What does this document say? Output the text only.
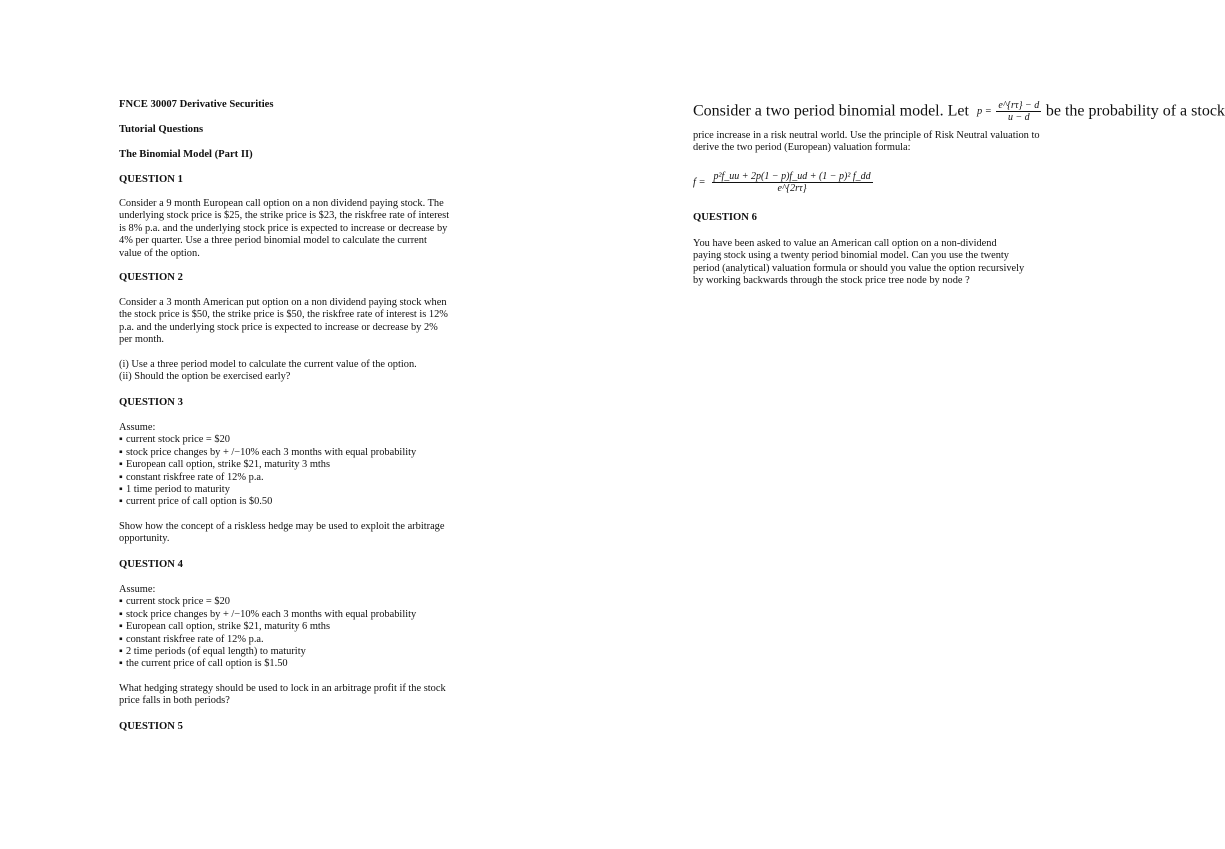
FNCE 30007 Derivative Securities
Tutorial Questions
The Binomial Model (Part II)
QUESTION 1
Consider a 9 month European call option on a non dividend paying stock. The
underlying stock price is $25, the strike price is $23, the riskfree rate of interest
is 8% p.a. and the underlying stock price is expected to increase or decrease by
4% per quarter. Use a three period binomial model to calculate the current
value of the option.
QUESTION 2
Consider a 3 month American put option on a non dividend paying stock when
the stock price is $50, the strike price is $50, the riskfree rate of interest is 12%
p.a. and the underlying stock price is expected to increase or decrease by 2%
per month.
(i) Use a three period model to calculate the current value of the option.
(ii) Should the option be exercised early?
QUESTION 3
Assume:
▪ current stock price = $20
▪ stock price changes by + /−10% each 3 months with equal probability
▪ European call option, strike $21, maturity 3 mths
▪ constant riskfree rate of 12% p.a.
▪ 1 time period to maturity
▪ current price of call option is $0.50
Show how the concept of a riskless hedge may be used to exploit the arbitrage
opportunity.
QUESTION 4
Assume:
▪ current stock price = $20
▪ stock price changes by + /−10% each 3 months with equal probability
▪ European call option, strike $21, maturity 6 mths
▪ constant riskfree rate of 12% p.a.
▪ 2 time periods (of equal length) to maturity
▪ the current price of call option is $1.50
What hedging strategy should be used to lock in an arbitrage profit if the stock
price falls in both periods?
QUESTION 5
Consider a two period binomial model. Let $p = \frac{e\^{}\{r\tau\} - d}{u - d}$ be the probability of a stock
price increase in a risk neutral world. Use the principle of Risk Neutral valuation to
derive the two period (European) valuation formula:
$f = \frac{\text{p²f\_uu + 2p(1 − p)f\_ud + (1 − p)² f\_dd}}{e\^{}\{2r\tau\}}$
QUESTION 6
You have been asked to value an American call option on a non-dividend
paying stock using a twenty period binomial model. Can you use the twenty
period (analytical) valuation formula or should you value the option recursively
by working backwards through the stock price tree node by node ?
